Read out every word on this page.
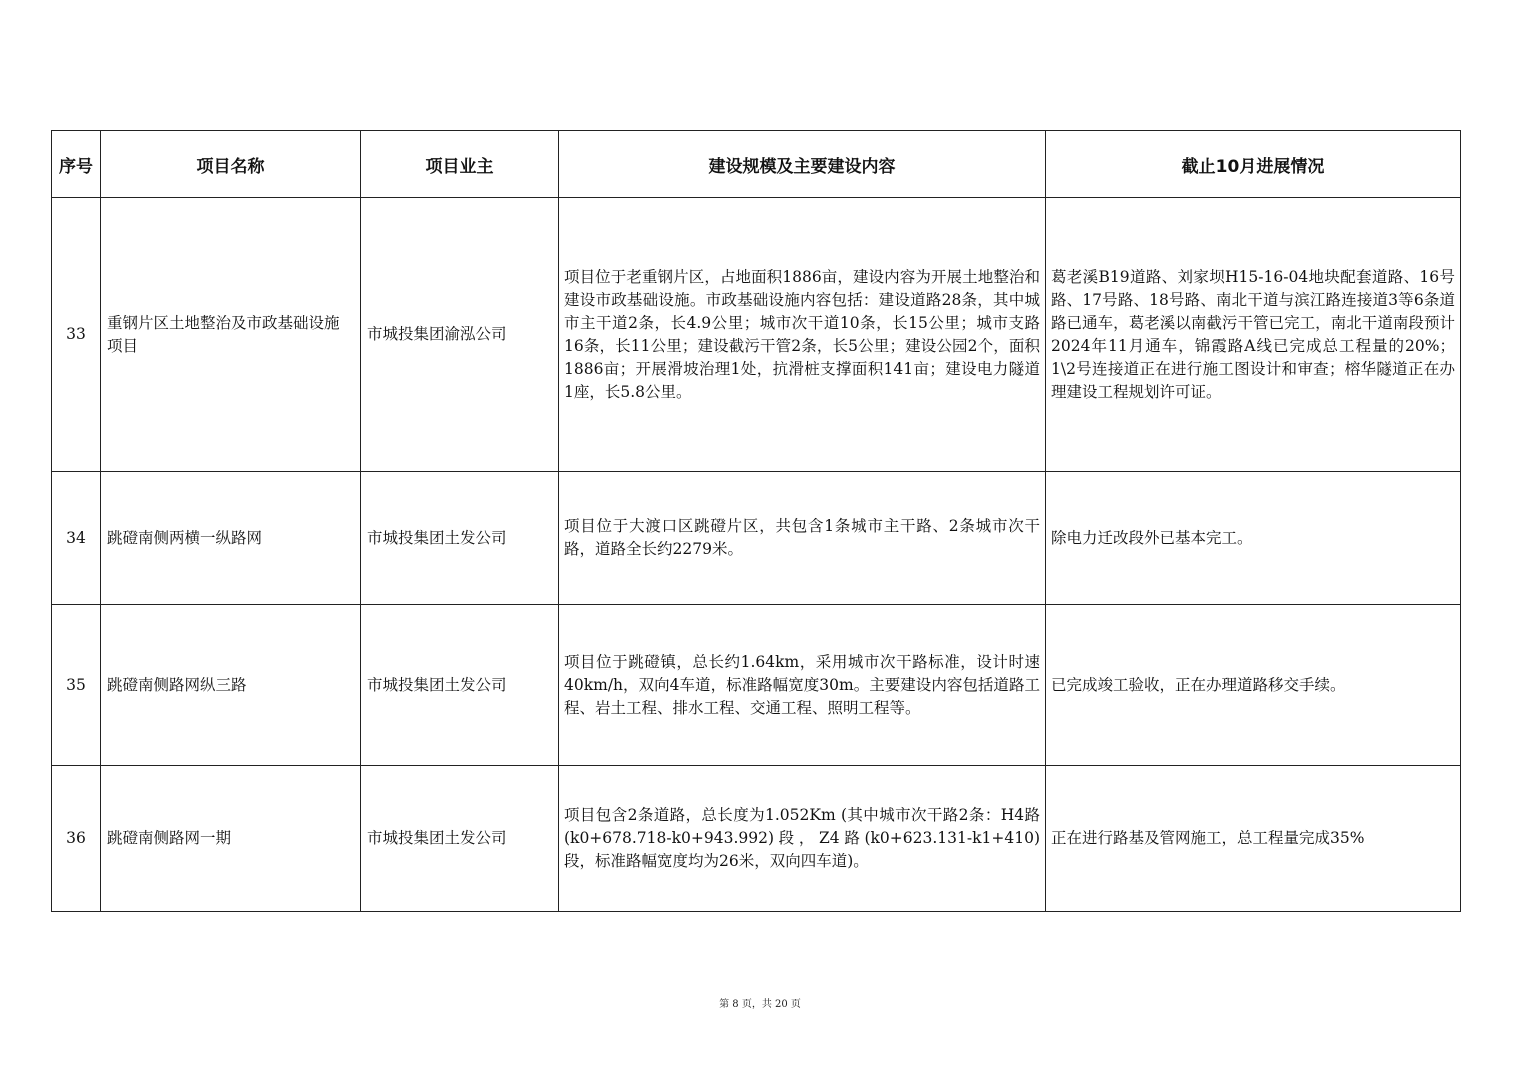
序号	项目名称	项目业主	建设规模及主要建设内容	截止10月进展情况
33	重钢片区土地整治及市政基础设施项目	市城投集团渝泓公司	项目位于老重钢片区，占地面积1886亩，建设内容为开展土地整治和建设市政基础设施。市政基础设施内容包括：建设道路28条，其中城市主干道2条，长4.9公里；城市次干道10条，长15公里；城市支路16条，长11公里；建设截污干管2条，长5公里；建设公园2个，面积1886亩；开展滑坡治理1处，抗滑桩支撑面积141亩；建设电力隧道1座，长5.8公里。	葛老溪B19道路、刘家坝H15-16-04地块配套道路、16号路、17号路、18号路、南北干道与滨江路连接道3等6条道路已通车，葛老溪以南截污干管已完工，南北干道南段预计2024年11月通车，锦霞路A线已完成总工程量的20%；1\2号连接道正在进行施工图设计和审查；榕华隧道正在办理建设工程规划许可证。
34	跳磴南侧两横一纵路网	市城投集团土发公司	项目位于大渡口区跳磴片区，共包含1条城市主干路、2条城市次干路，道路全长约2279米。	除电力迁改段外已基本完工。
35	跳磴南侧路网纵三路	市城投集团土发公司	项目位于跳磴镇，总长约1.64km，采用城市次干路标准，设计时速40km/h，双向4车道，标准路幅宽度30m。主要建设内容包括道路工程、岩土工程、排水工程、交通工程、照明工程等。	已完成竣工验收，正在办理道路移交手续。
36	跳磴南侧路网一期	市城投集团土发公司	项目包含2条道路，总长度为1.052Km (其中城市次干路2条：H4路(k0+678.718-k0+943.992)段，Z4路(k0+623.131-k1+410)段，标准路幅宽度均为26米，双向四车道)。	正在进行路基及管网施工，总工程量完成35%
第 8 页，共 20 页
